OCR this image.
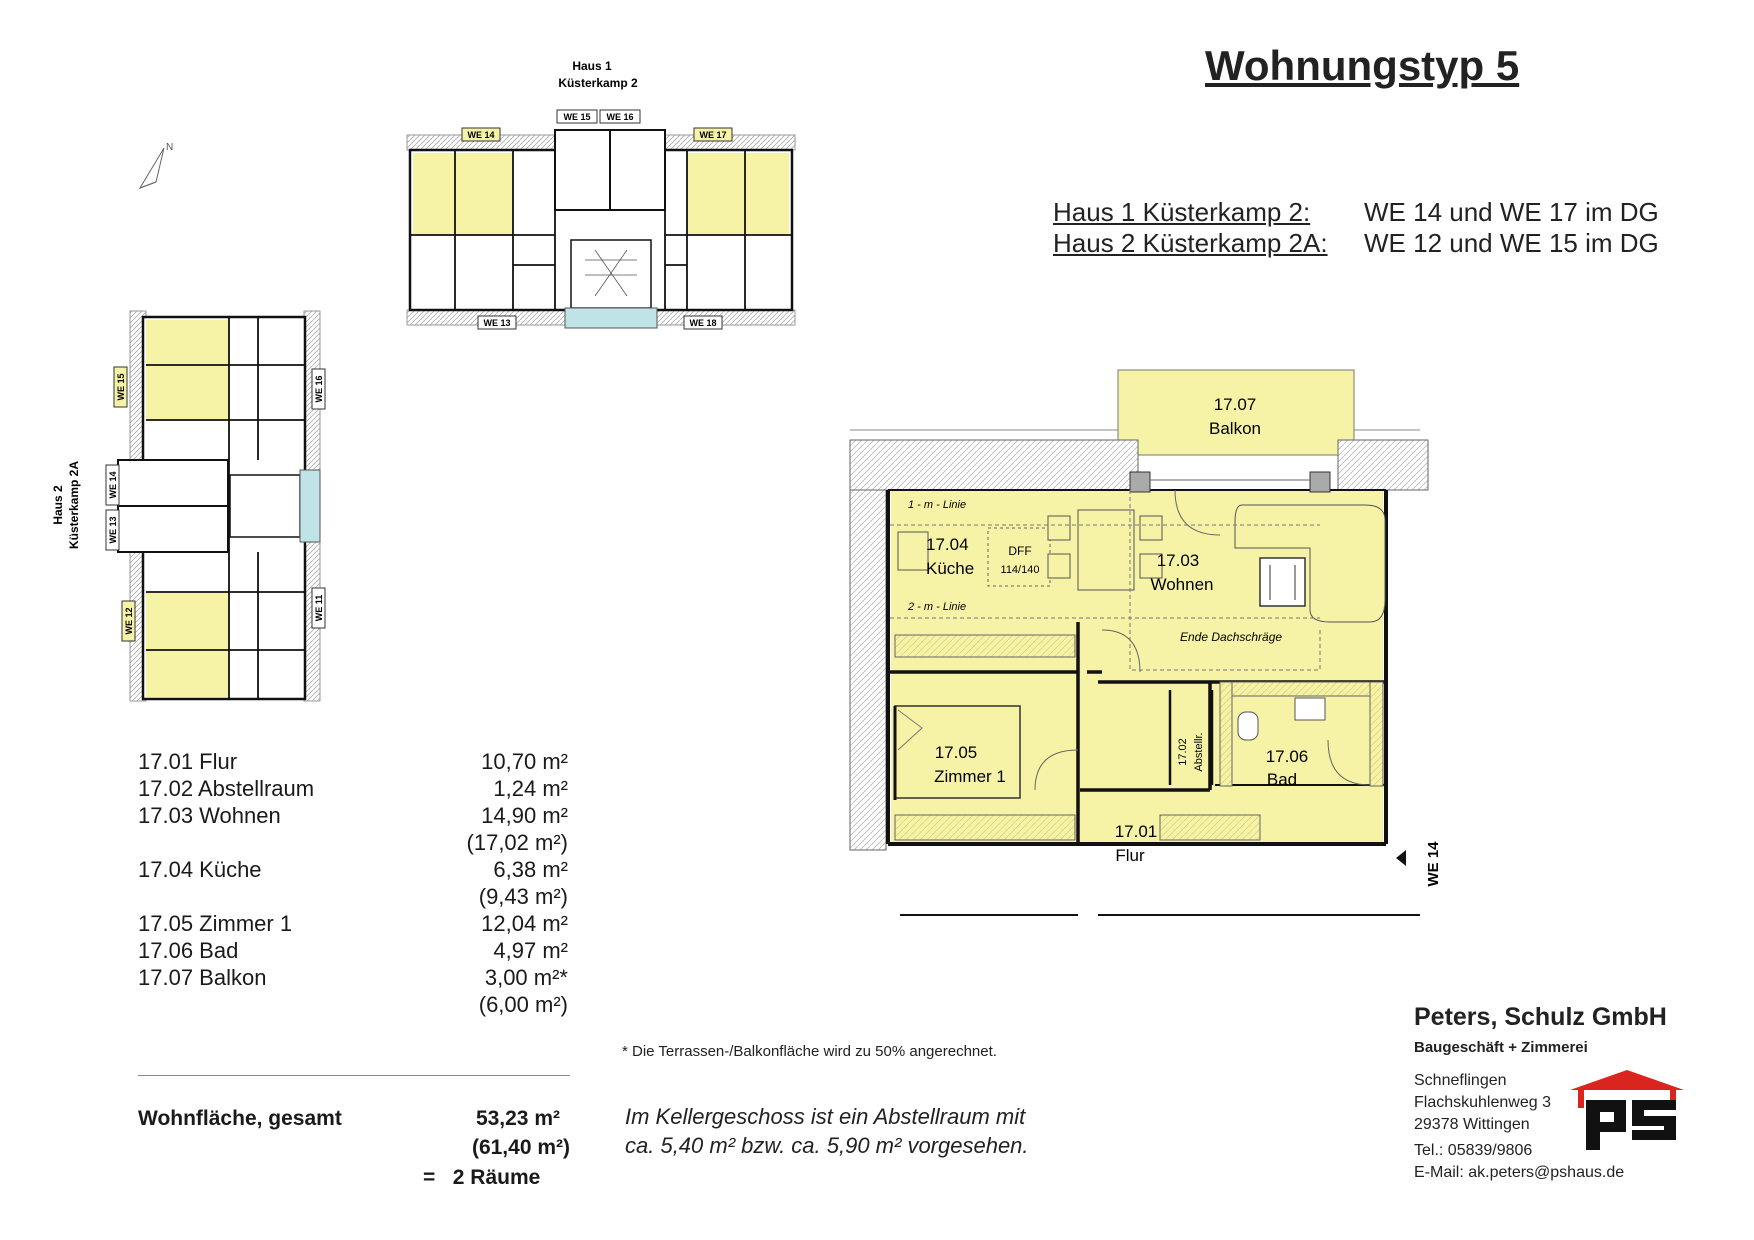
Wohnungstyp 5
Haus 1 Küsterkamp 2: WE 14 und WE 17 im DG
Haus 2 Küsterkamp 2A: WE 12 und WE 15 im DG
Haus 1
Küsterkamp 2
WE 14
WE 15 WE 16
WE 17
WE 13	WE 18
N
Haus 2 Küsterkamp 2A
WE 15	WE 16
WE 14
WE 13
WE 12	WE 11
17.07
Balkon
DFF
114/140
1 - m - Linie
2 - m - Linie
Ende Dachschräge
17.04
Küche	17.03
Wohnen
17.05
Zimmer 1
17.02 Abstellr.	17.06
Bad
17.01
Flur	WE 14
17.01 Flur	10,70 m²
17.02 Abstellraum	1,24 m²
17.03 Wohnen	14,90 m²
(17,02 m²)
17.04 Küche	6,38 m²
(9,43 m²)
17.05 Zimmer 1	12,04 m²
17.06 Bad	4,97 m²
17.07 Balkon	3,00 m²*
(6,00 m²)
Wohnfläche, gesamt	53,23 m²
(61,40 m²)
=   2 Räume
* Die Terrassen-/Balkonfläche wird zu 50% angerechnet.
Im Kellergeschoss ist ein Abstellraum mit
ca. 5,40 m² bzw. ca. 5,90 m² vorgesehen.
Peters, Schulz GmbH
Baugeschäft + Zimmerei
Schneflingen
Flachskuhlenweg 3
29378 Wittingen
Tel.: 05839/9806
E-Mail: ak.peters@pshaus.de
